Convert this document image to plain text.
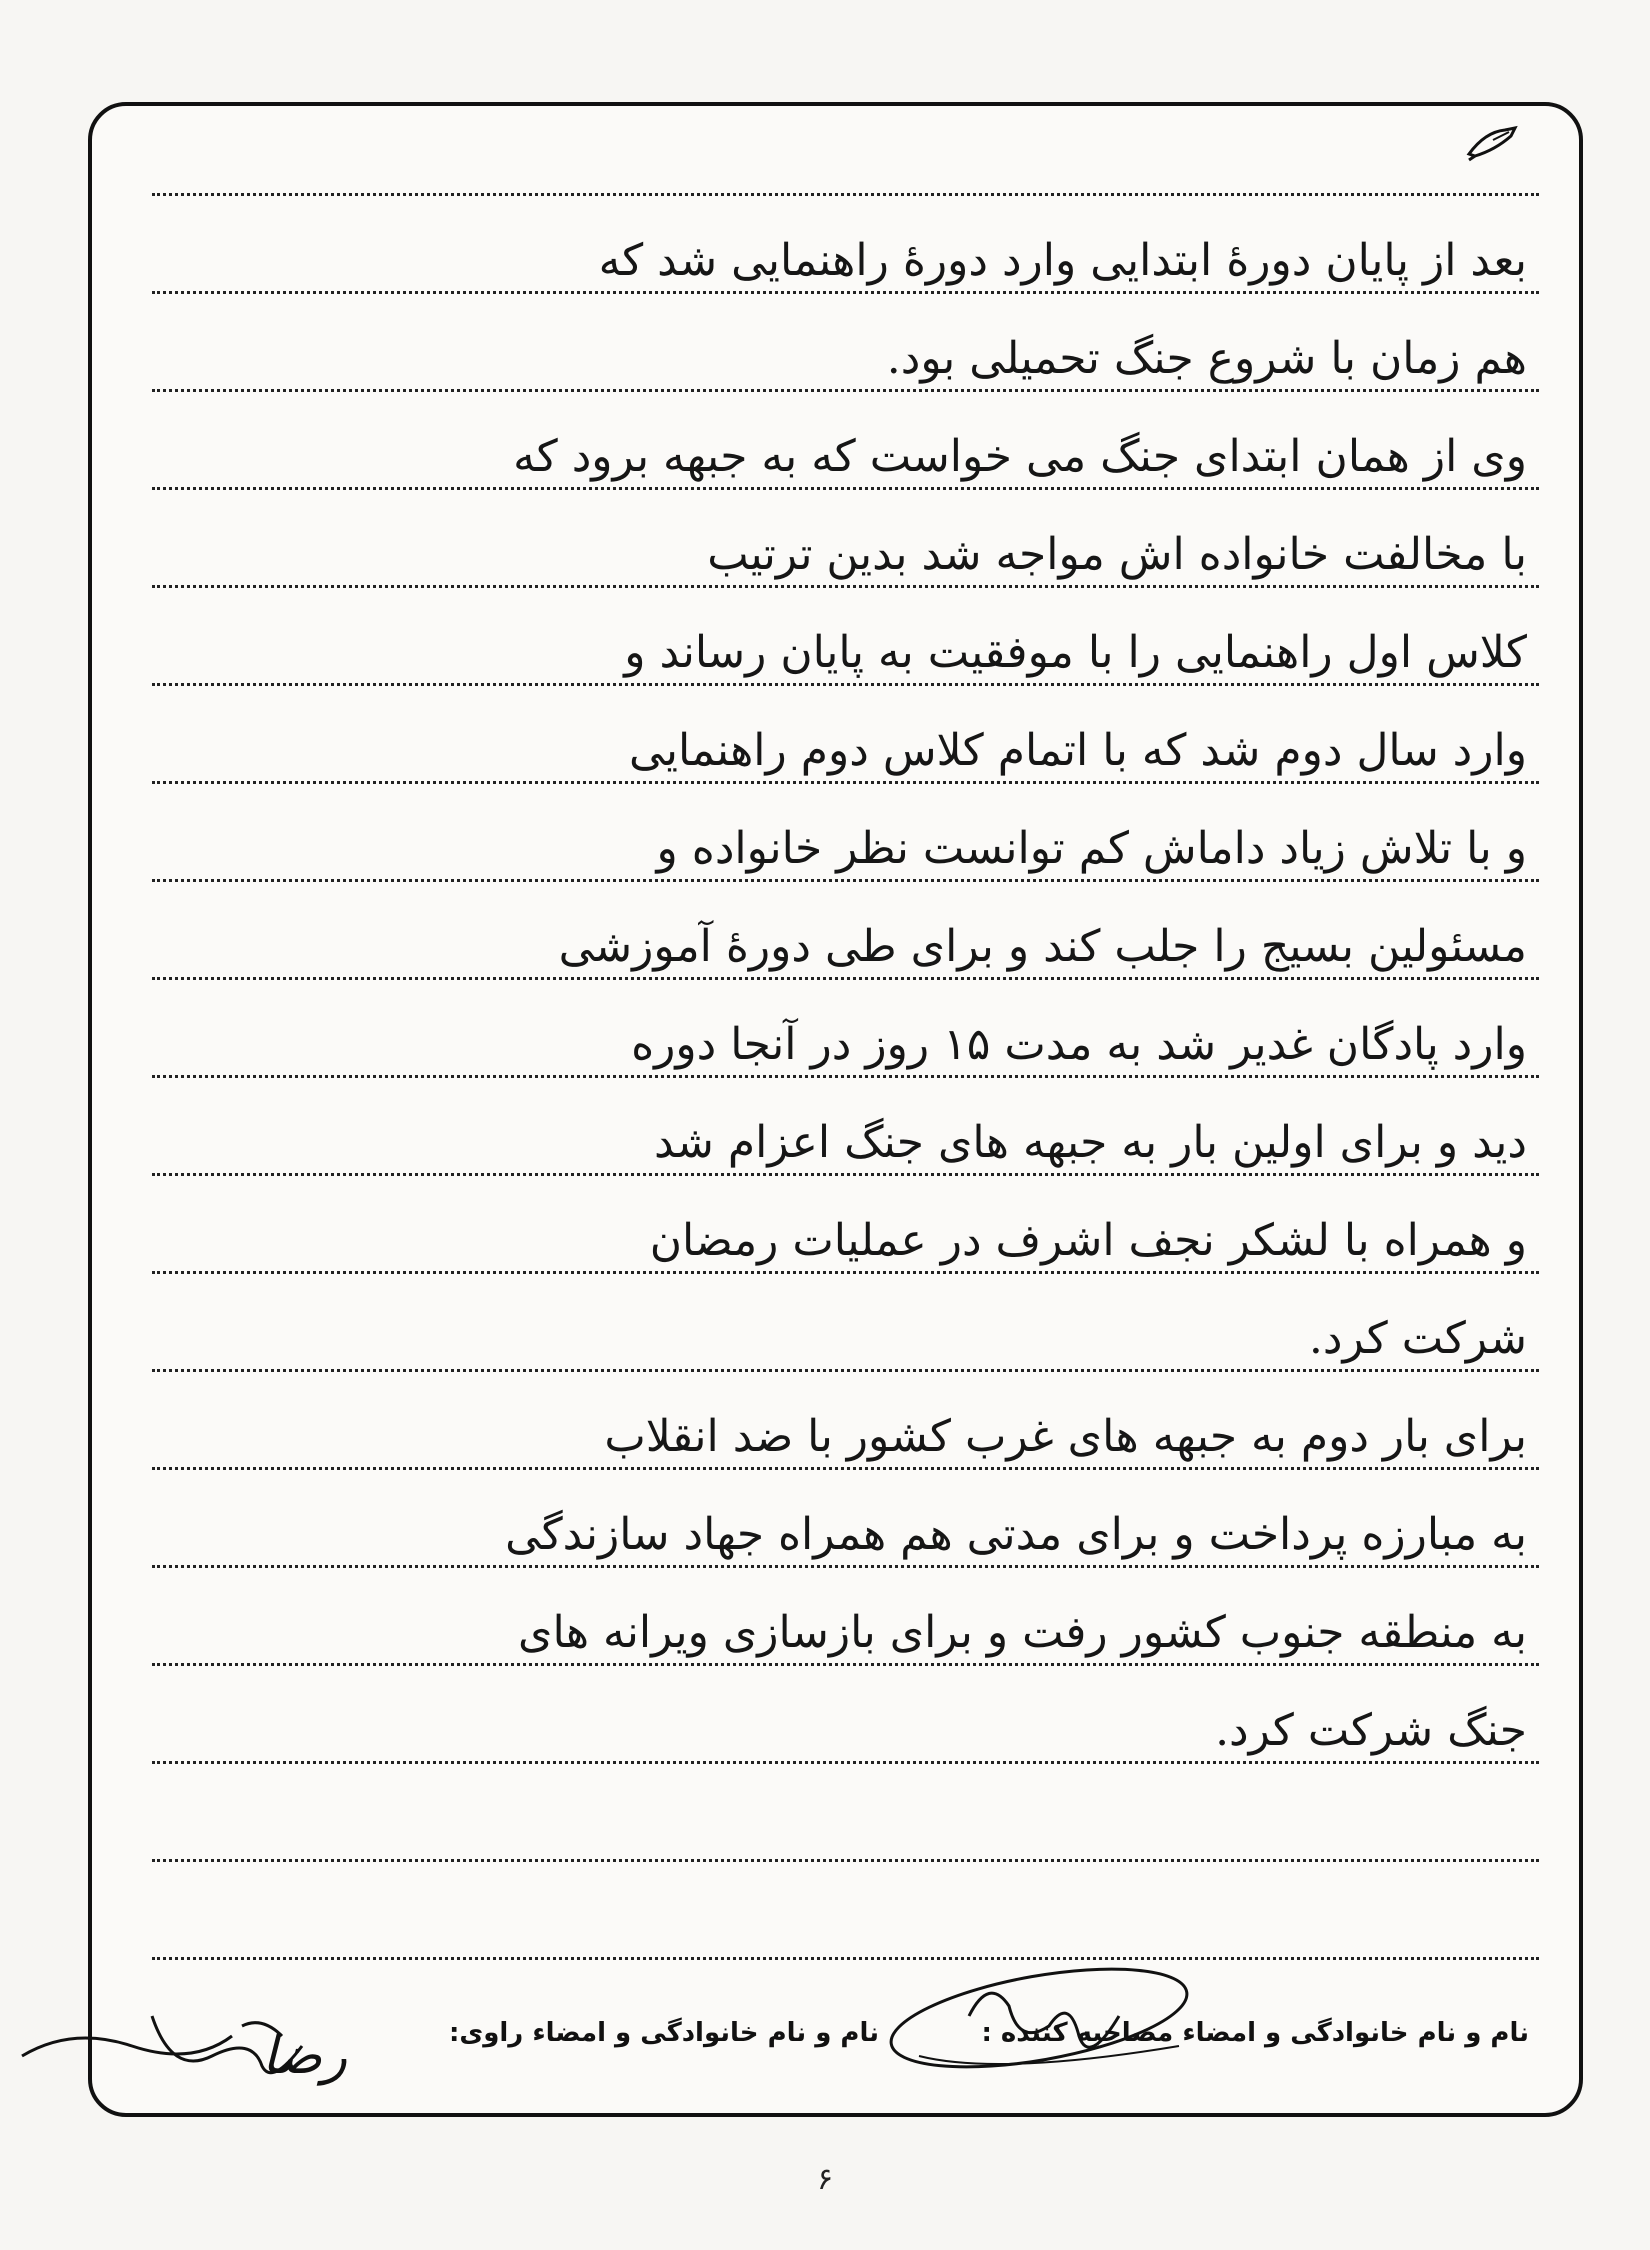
بعد از پایان دورهٔ ابتدایی وارد دورهٔ راهنمایی شد که
هم زمان با شروع جنگ تحمیلی بود.
وی از همان ابتدای جنگ می خواست که به جبهه برود که
با مخالفت خانواده اش مواجه شد بدین ترتیب
کلاس اول راهنمایی را با موفقیت به پایان رساند و
وارد سال دوم شد که با اتمام کلاس دوم راهنمایی
و با تلاش زیاد داماش کم توانست نظر خانواده و
مسئولین بسیج را جلب کند و برای طی دورهٔ آموزشی
وارد پادگان غدیر شد به مدت ۱۵ روز در آنجا دوره
دید و برای اولین بار به جبهه های جنگ اعزام شد
و همراه با لشکر نجف اشرف در عملیات رمضان
شرکت کرد.
برای بار دوم به جبهه های غرب کشور با ضد انقلاب
به مبارزه پرداخت و برای مدتی هم همراه جهاد سازندگی
به منطقه جنوب کشور رفت و برای بازسازی ویرانه های
جنگ شرکت کرد.
نام و نام خانوادگی و امضاء مصاحبه کننده :
نام و نام خانوادگی و امضاء راوی:
رضا
۶
